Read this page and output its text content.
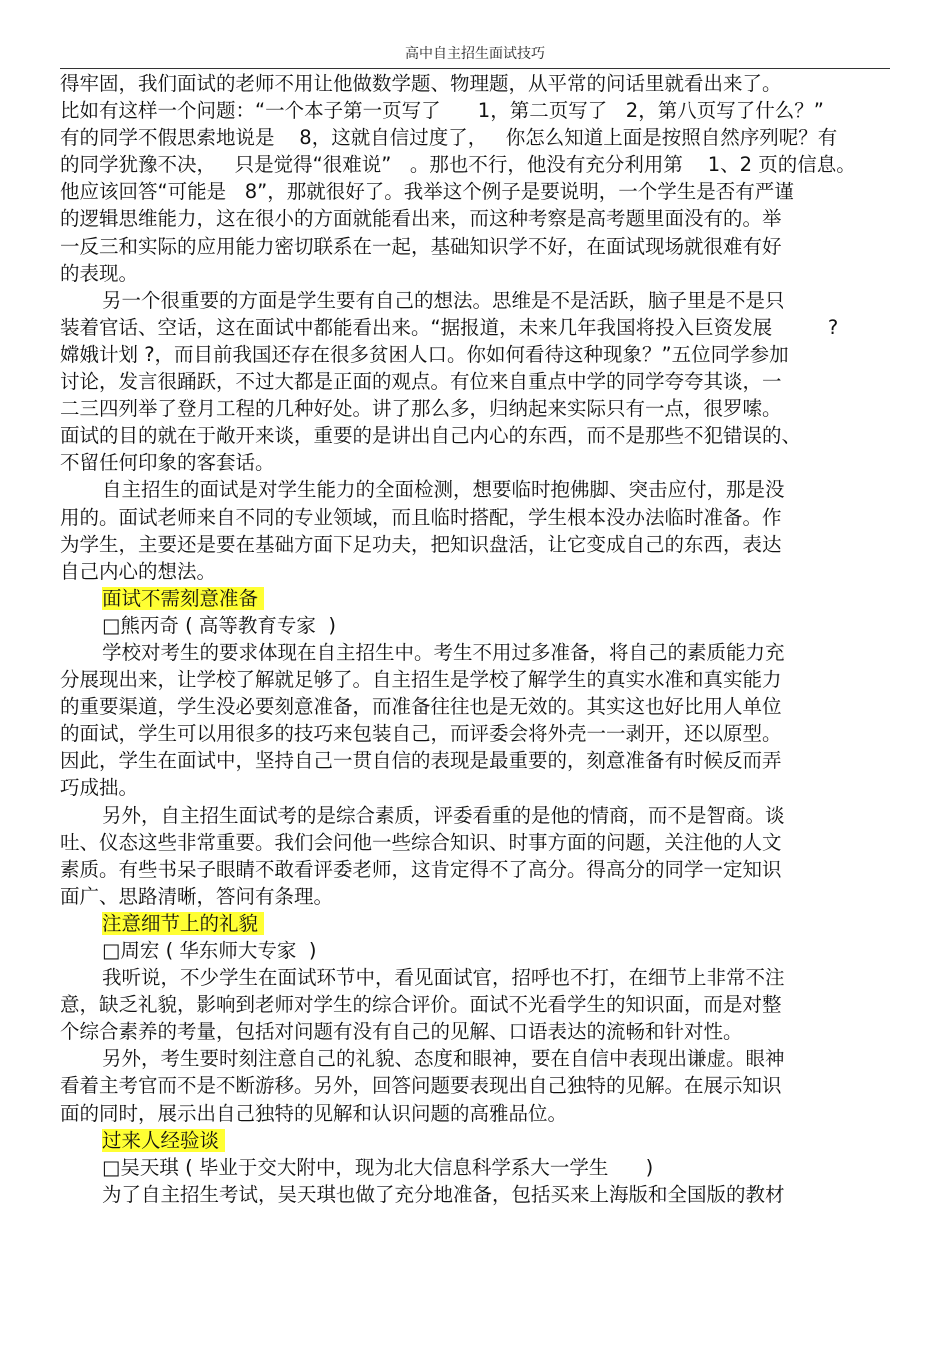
高中自主招生面试技巧
得牢固，我们面试的老师不用让他做数学题、物理题，从平常的问话里就看出来了。
比如有这样一个问题：“一个本子第一页写了      1，第二页写了   2，第八页写了什么？”
有的同学不假思索地说是    8，这就自信过度了，   你怎么知道上面是按照自然序列呢？有
的同学犹豫不决，   只是觉得“很难说”   。那也不行，他没有充分利用第    1、2 页的信息。
他应该回答“可能是   8”，那就很好了。我举这个例子是要说明，一个学生是否有严谨
的逻辑思维能力，这在很小的方面就能看出来，而这种考察是高考题里面没有的。举
一反三和实际的应用能力密切联系在一起，基础知识学不好，在面试现场就很难有好
的表现。
另一个很重要的方面是学生要有自己的想法。思维是不是活跃，脑子里是不是只
装着官话、空话，这在面试中都能看出来。“据报道，未来几年我国将投入巨资发展         ?
嫦娥计划 ?，而目前我国还存在很多贫困人口。你如何看待这种现象？”五位同学参加
讨论，发言很踊跃，不过大都是正面的观点。有位来自重点中学的同学夸夸其谈，一
二三四列举了登月工程的几种好处。讲了那么多，归纳起来实际只有一点，很罗嗦。
面试的目的就在于敞开来谈，重要的是讲出自己内心的东西，而不是那些不犯错误的、
不留任何印象的客套话。
自主招生的面试是对学生能力的全面检测，想要临时抱佛脚、突击应付，那是没
用的。面试老师来自不同的专业领域，而且临时搭配，学生根本没办法临时准备。作
为学生，主要还是要在基础方面下足功夫，把知识盘活，让它变成自己的东西，表达
自己内心的想法。
面试不需刻意准备
□熊丙奇 ( 高等教育专家  )
学校对考生的要求体现在自主招生中。考生不用过多准备，将自己的素质能力充
分展现出来，让学校了解就足够了。自主招生是学校了解学生的真实水准和真实能力
的重要渠道，学生没必要刻意准备，而准备往往也是无效的。其实这也好比用人单位
的面试，学生可以用很多的技巧来包装自己，而评委会将外壳一一剥开，还以原型。
因此，学生在面试中，坚持自己一贯自信的表现是最重要的，刻意准备有时候反而弄
巧成拙。
另外，自主招生面试考的是综合素质，评委看重的是他的情商，而不是智商。谈
吐、仪态这些非常重要。我们会问他一些综合知识、时事方面的问题，关注他的人文
素质。有些书呆子眼睛不敢看评委老师，这肯定得不了高分。得高分的同学一定知识
面广、思路清晰，答问有条理。
注意细节上的礼貌
□周宏 ( 华东师大专家  )
我听说，不少学生在面试环节中，看见面试官，招呼也不打，在细节上非常不注
意，缺乏礼貌，影响到老师对学生的综合评价。面试不光看学生的知识面，而是对整
个综合素养的考量，包括对问题有没有自己的见解、口语表达的流畅和针对性。
另外，考生要时刻注意自己的礼貌、态度和眼神，要在自信中表现出谦虚。眼神
看着主考官而不是不断游移。另外，回答问题要表现出自己独特的见解。在展示知识
面的同时，展示出自己独特的见解和认识问题的高雅品位。
过来人经验谈
□吴天琪 ( 毕业于交大附中，现为北大信息科学系大一学生      )
为了自主招生考试，吴天琪也做了充分地准备，包括买来上海版和全国版的教材
